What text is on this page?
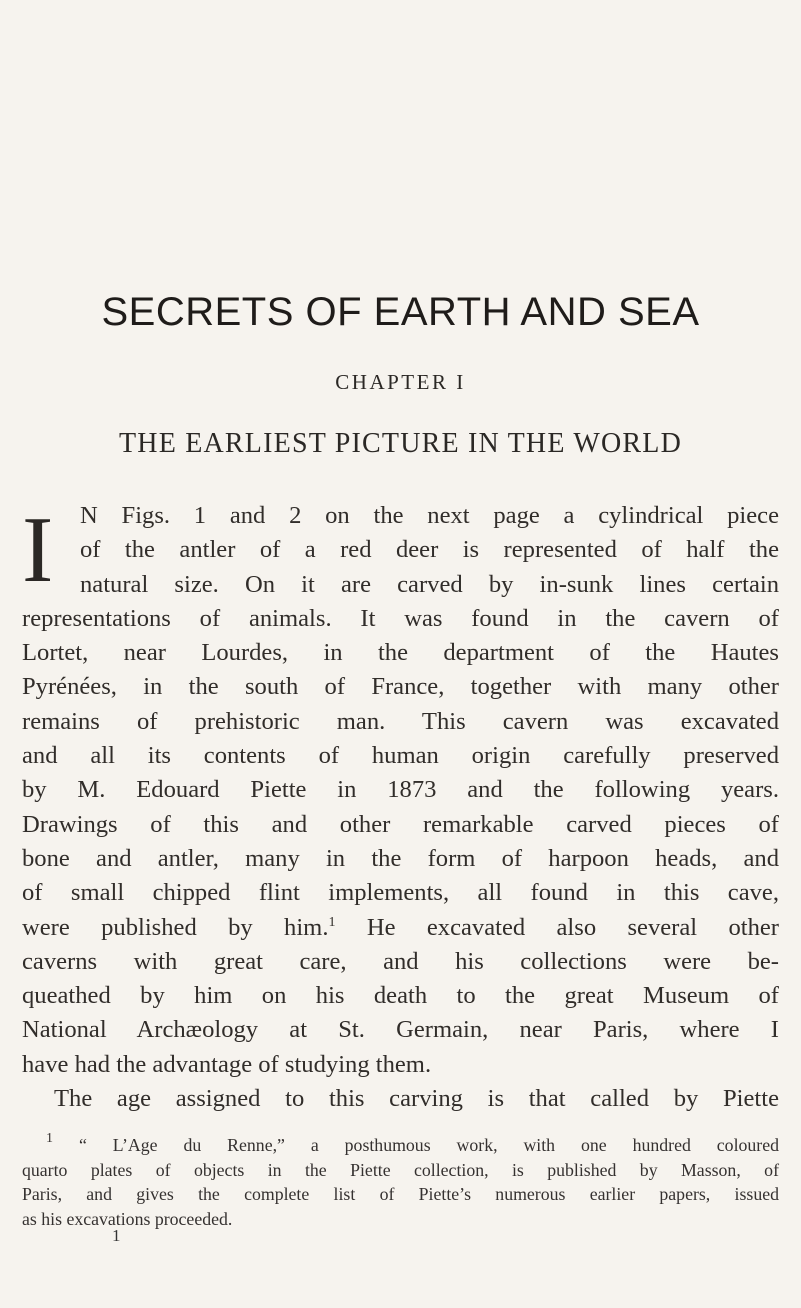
SECRETS OF EARTH AND SEA
CHAPTER I
THE EARLIEST PICTURE IN THE WORLD
I	N Figs. 1 and 2 on the next page a cylindrical piece
of the antler of a red deer is represented of half the
natural size. On it are carved by in-sunk lines certain
representations of animals. It was found in the cavern of
Lortet, near Lourdes, in the department of the Hautes
Pyrénées, in the south of France, together with many other
remains of prehistoric man. This cavern was excavated
and all its contents of human origin carefully preserved
by M. Edouard Piette in 1873 and the following years.
Drawings of this and other remarkable carved pieces of
bone and antler, many in the form of harpoon heads, and
of small chipped flint implements, all found in this cave,
were published by him.$^1$ He excavated also several other
caverns with great care, and his collections were be-
queathed by him on his death to the great Museum of
National Archæology at St. Germain, near Paris, where I
have had the advantage of studying them.
The age assigned to this carving is that called by Piette
$^1$ “ L’Age du Renne,” a posthumous work, with one hundred coloured
quarto plates of objects in the Piette collection, is published by Masson, of
Paris, and gives the complete list of Piette’s numerous earlier papers, issued
as his excavations proceeded.
1
